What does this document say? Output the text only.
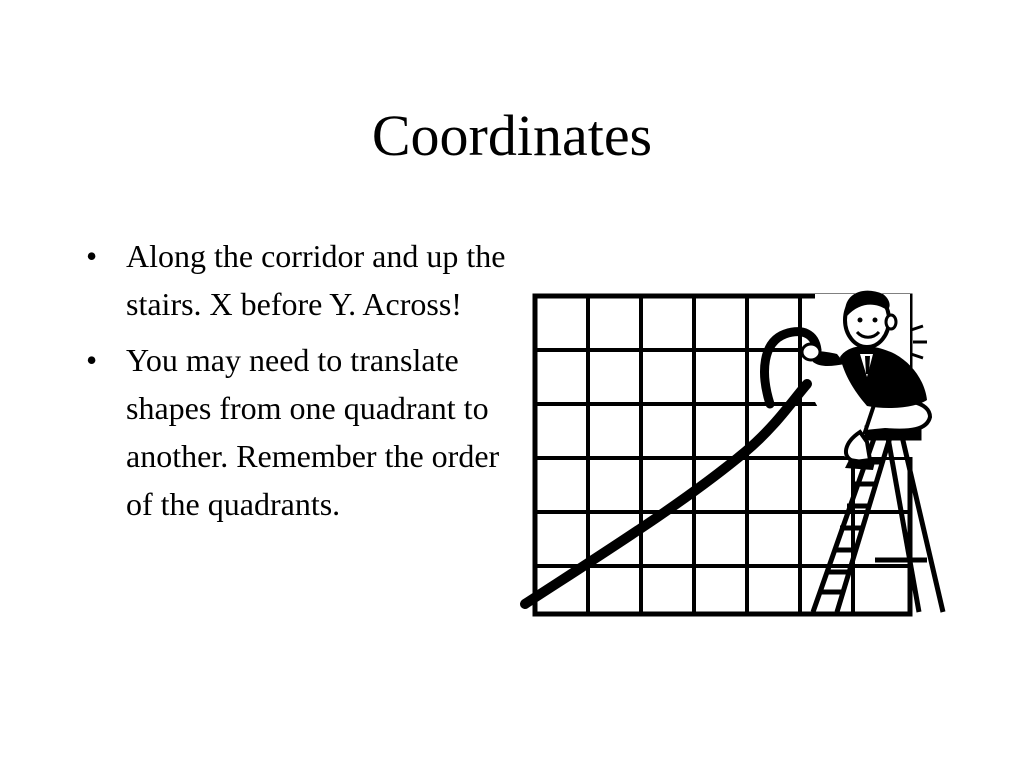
Coordinates
• Along the corridor and up the stairs. X before Y. Across!
• You may need to translate shapes from one quadrant to another. Remember the order of the quadrants.
